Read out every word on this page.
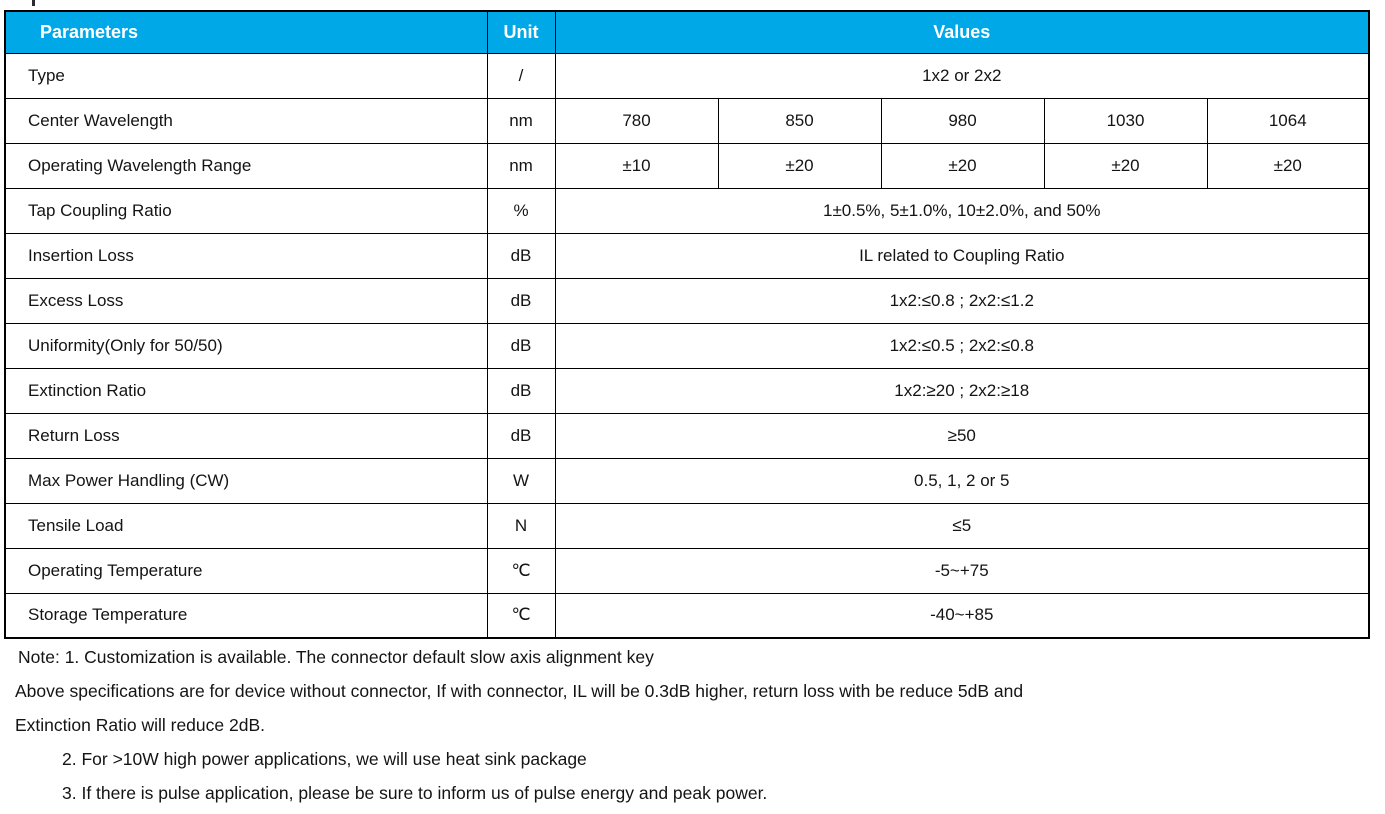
Parameters	Unit	Values				
Type	/	1x2 or 2x2				
Center Wavelength	nm	780	850	980	1030	1064
Operating Wavelength Range	nm	±10	±20	±20	±20	±20
Tap Coupling Ratio	%	1±0.5%, 5±1.0%, 10±2.0%, and 50%				
Insertion Loss	dB	IL related to Coupling Ratio				
Excess Loss	dB	1x2:≤0.8 ; 2x2:≤1.2				
Uniformity(Only for 50/50)	dB	1x2:≤0.5 ; 2x2:≤0.8				
Extinction Ratio	dB	1x2:≥20 ; 2x2:≥18				
Return Loss	dB	≥50				
Max Power Handling (CW)	W	0.5, 1, 2 or 5				
Tensile Load	N	≤5				
Operating Temperature	℃	-5~+75				
Storage Temperature	℃	-40~+85				

Note: 1. Customization is available. The connector default slow axis alignment key

Above specifications are for device without connector, If with connector, IL will be 0.3dB higher, return loss with be reduce 5dB and

Extinction Ratio will reduce 2dB.

2. For >10W high power applications, we will use heat sink package

3. If there is pulse application, please be sure to inform us of pulse energy and peak power.
